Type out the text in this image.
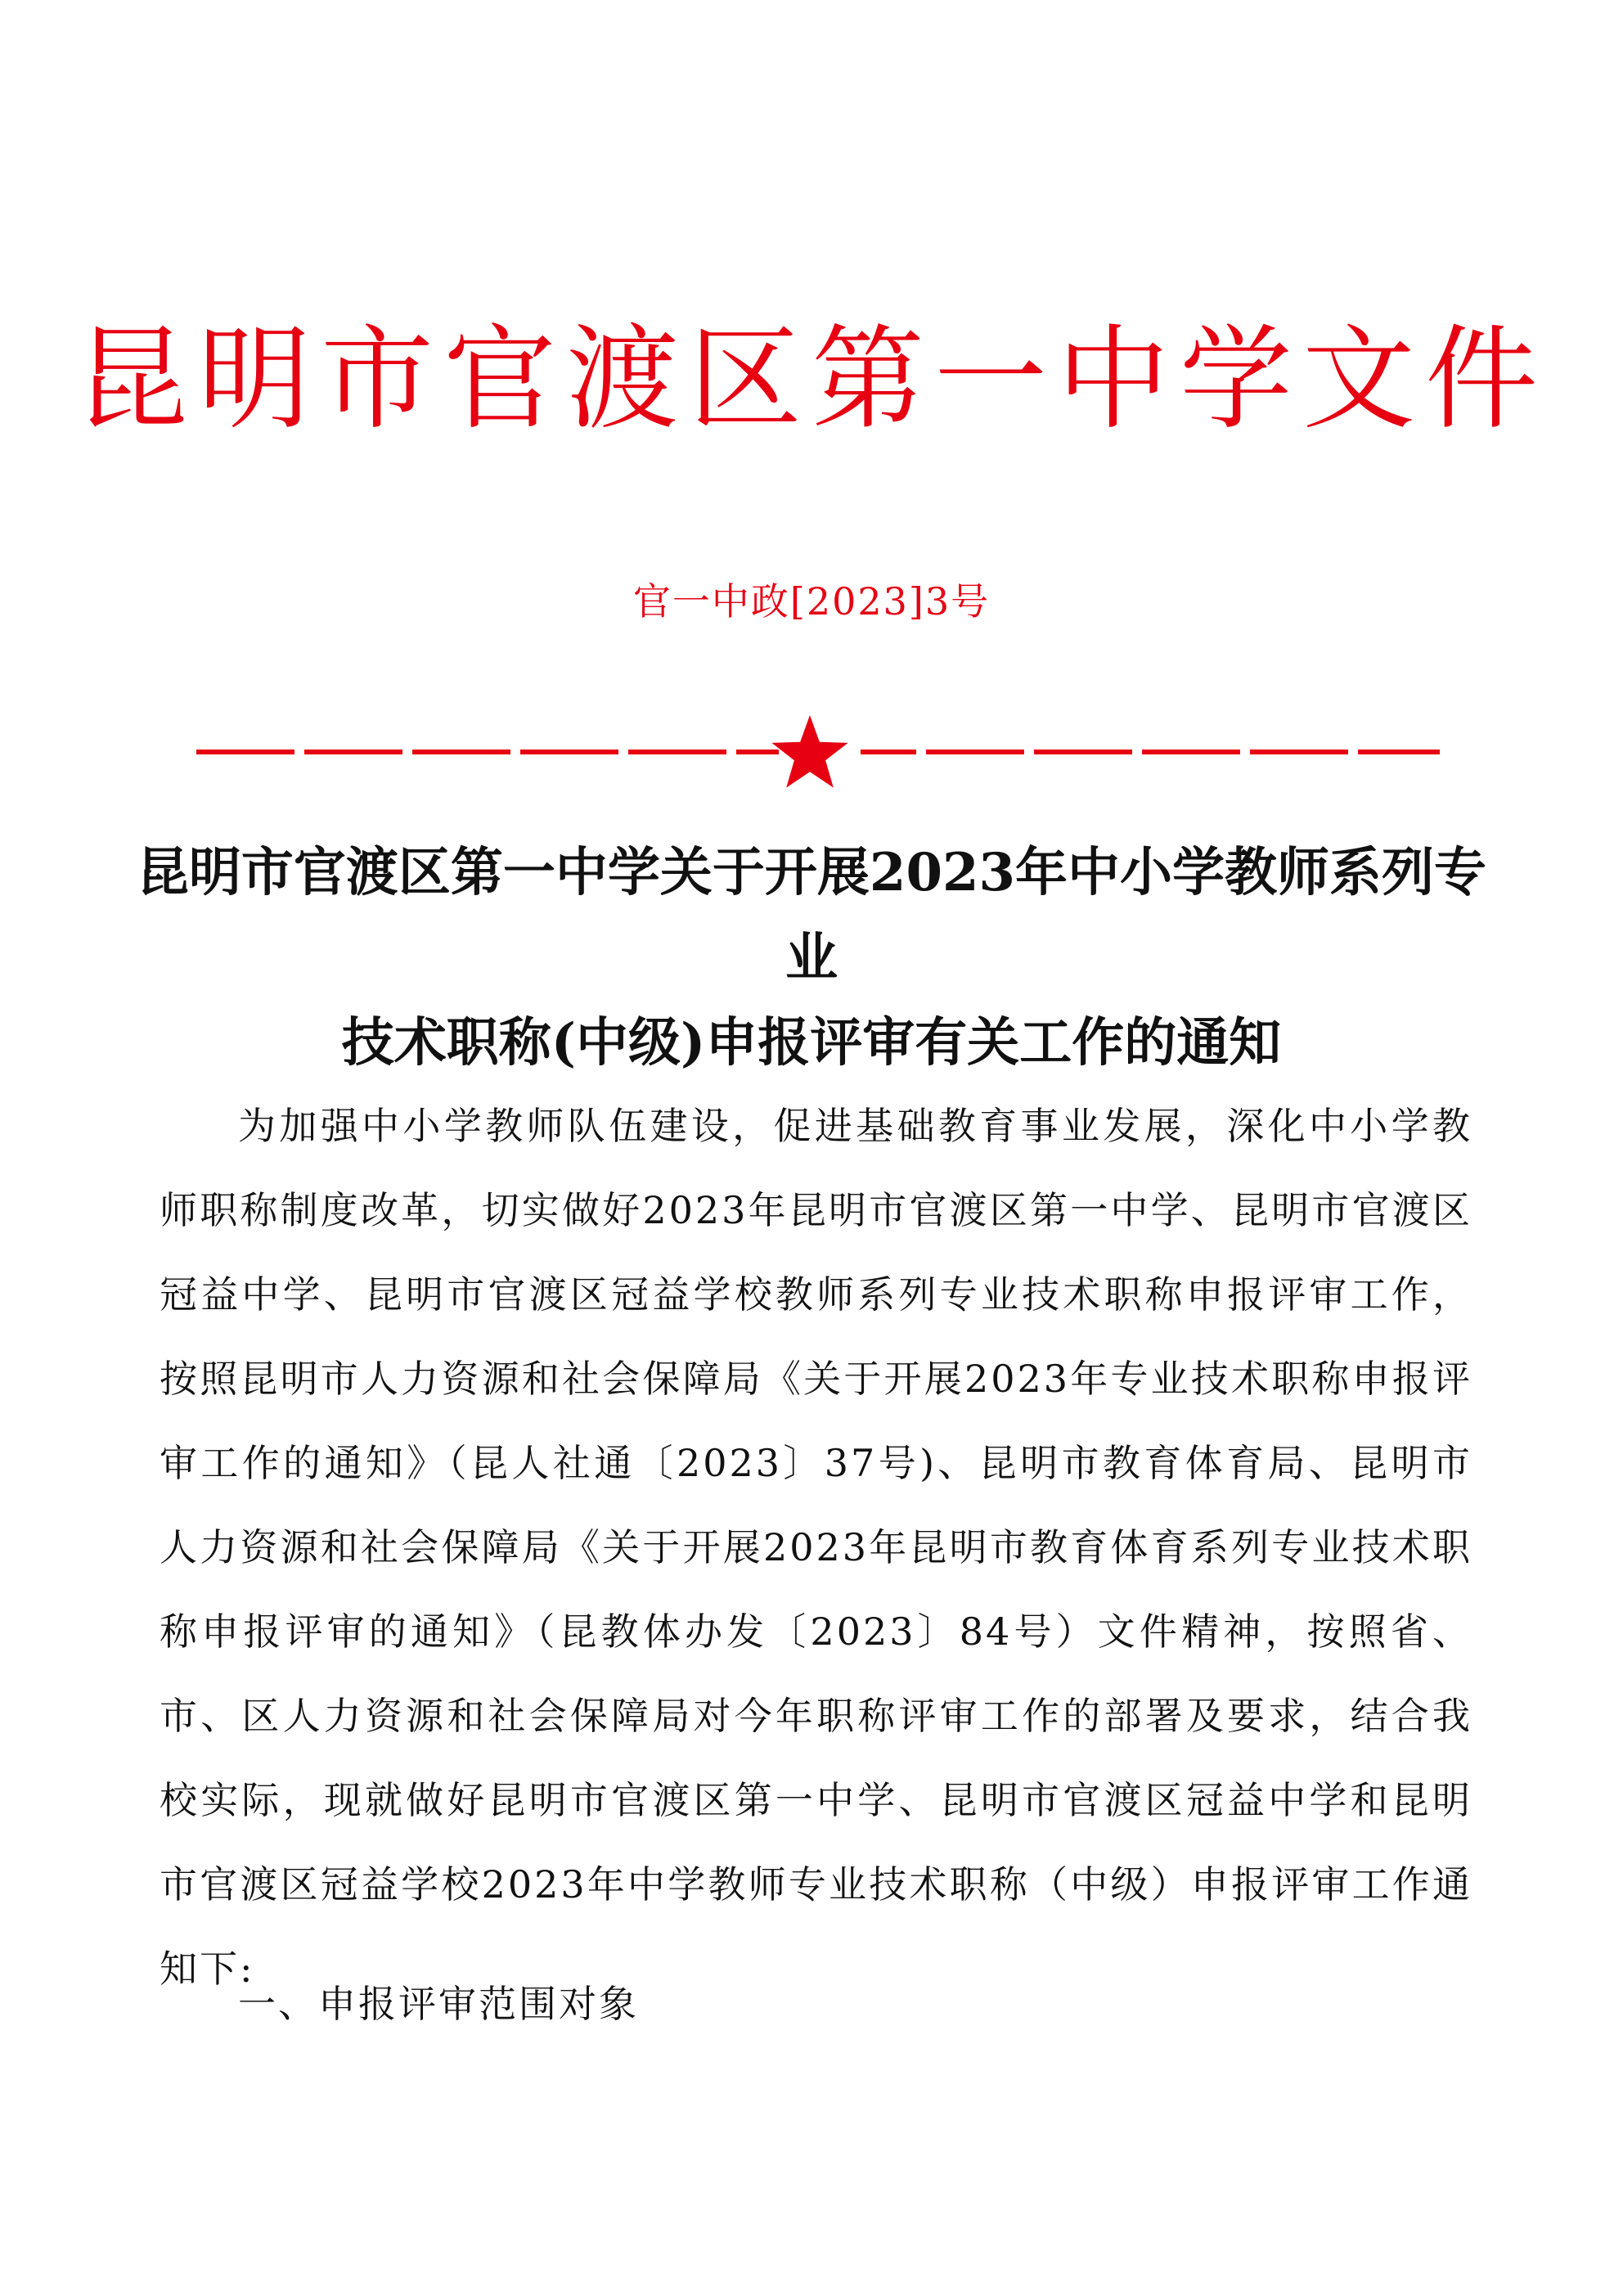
昆明市官渡区第一中学文件
官一中政[2023]3号
昆明市官渡区第一中学关于开展2023年中小学教师系列专业
技术职称(中级)申报评审有关工作的通知

为加强中小学教师队伍建设，促进基础教育事业发展，深化中小学教师职称制度改革，切实做好2023年昆明市官渡区第一中学、昆明市官渡区冠益中学、昆明市官渡区冠益学校教师系列专业技术职称申报评审工作，按照昆明市人力资源和社会保障局《关于开展2023年专业技术职称申报评审工作的通知》（昆人社通〔2023〕37号)、昆明市教育体育局、昆明市人力资源和社会保障局《关于开展2023年昆明市教育体育系列专业技术职称申报评审的通知》（昆教体办发〔2023〕84号）文件精神，按照省、市、区人力资源和社会保障局对今年职称评审工作的部署及要求，结合我校实际，现就做好昆明市官渡区第一中学、昆明市官渡区冠益中学和昆明市官渡区冠益学校2023年中学教师专业技术职称（中级）申报评审工作通知下:

一、申报评审范围对象
